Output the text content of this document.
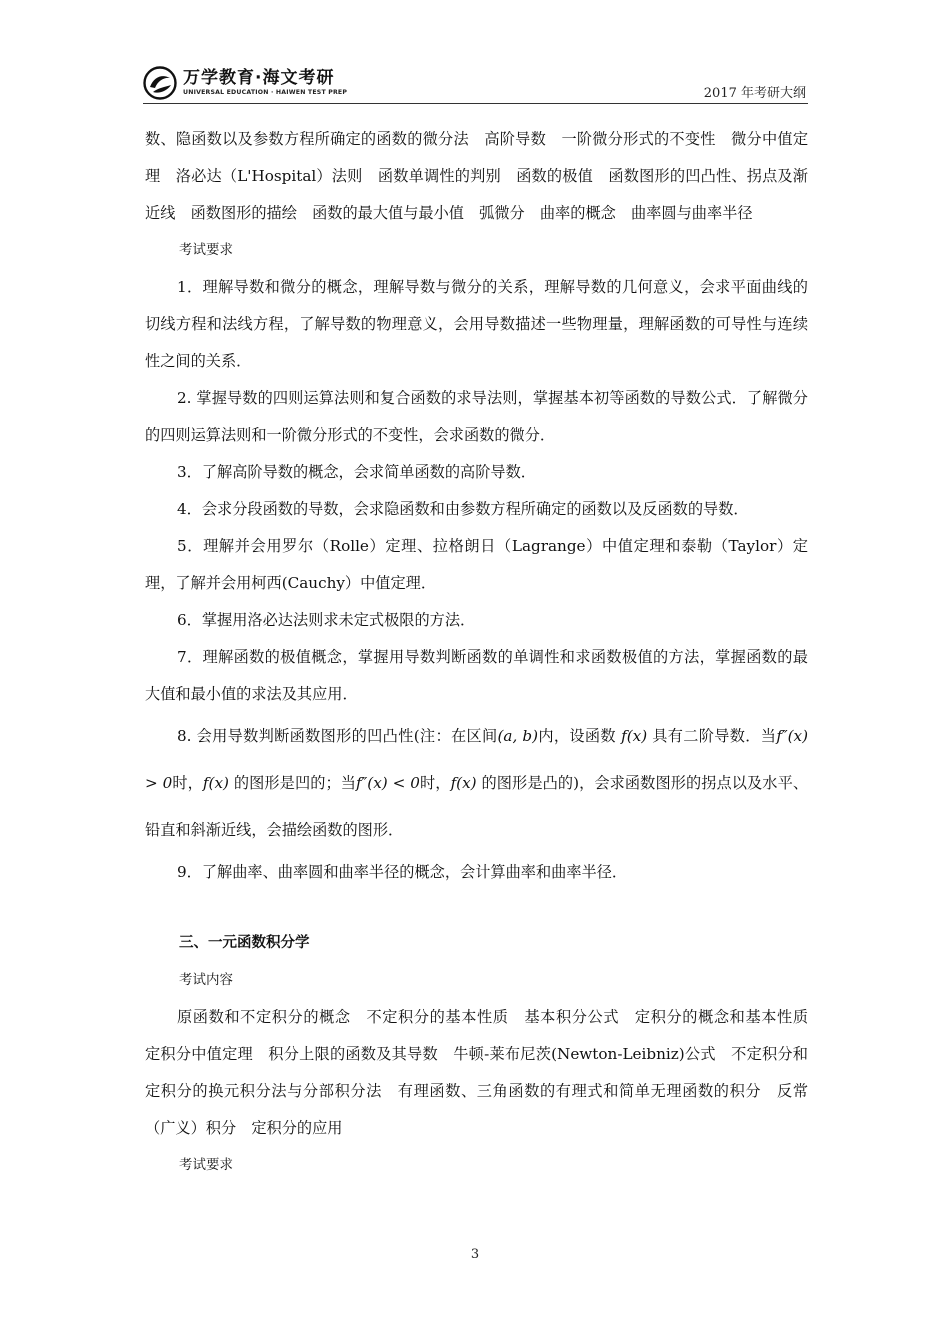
万学教育·海文考研
UNIVERSAL EDUCATION · HAIWEN TEST PREP	2017 年考研大纲

数、隐函数以及参数方程所确定的函数的微分法　高阶导数　一阶微分形式的不变性　微分中值定理　洛必达（L'Hospital）法则　函数单调性的判别　函数的极值　函数图形的凹凸性、拐点及渐近线　函数图形的描绘　函数的最大值与最小值　弧微分　曲率的概念　曲率圆与曲率半径

考试要求

1．理解导数和微分的概念，理解导数与微分的关系，理解导数的几何意义，会求平面曲线的切线方程和法线方程，了解导数的物理意义，会用导数描述一些物理量，理解函数的可导性与连续性之间的关系．

2. 掌握导数的四则运算法则和复合函数的求导法则，掌握基本初等函数的导数公式．了解微分的四则运算法则和一阶微分形式的不变性，会求函数的微分．

3．了解高阶导数的概念，会求简单函数的高阶导数．

4．会求分段函数的导数，会求隐函数和由参数方程所确定的函数以及反函数的导数．

5．理解并会用罗尔（Rolle）定理、拉格朗日（Lagrange）中值定理和泰勒（Taylor）定理，了解并会用柯西(Cauchy）中值定理．

6．掌握用洛必达法则求未定式极限的方法．

7．理解函数的极值概念，掌握用导数判断函数的单调性和求函数极值的方法，掌握函数的最大值和最小值的求法及其应用．

8. 会用导数判断函数图形的凹凸性(注：在区间(a, b)内，设函数 f(x) 具有二阶导数．当f″(x) > 0时，f(x) 的图形是凹的；当f″(x) < 0时，f(x) 的图形是凸的)，会求函数图形的拐点以及水平、铅直和斜渐近线，会描绘函数的图形．

9．了解曲率、曲率圆和曲率半径的概念，会计算曲率和曲率半径．

三、一元函数积分学

考试内容

原函数和不定积分的概念　不定积分的基本性质　基本积分公式　定积分的概念和基本性质　定积分中值定理　积分上限的函数及其导数　牛顿-莱布尼茨(Newton-Leibniz)公式　不定积分和定积分的换元积分法与分部积分法　有理函数、三角函数的有理式和简单无理函数的积分　反常（广义）积分　定积分的应用

考试要求

3
